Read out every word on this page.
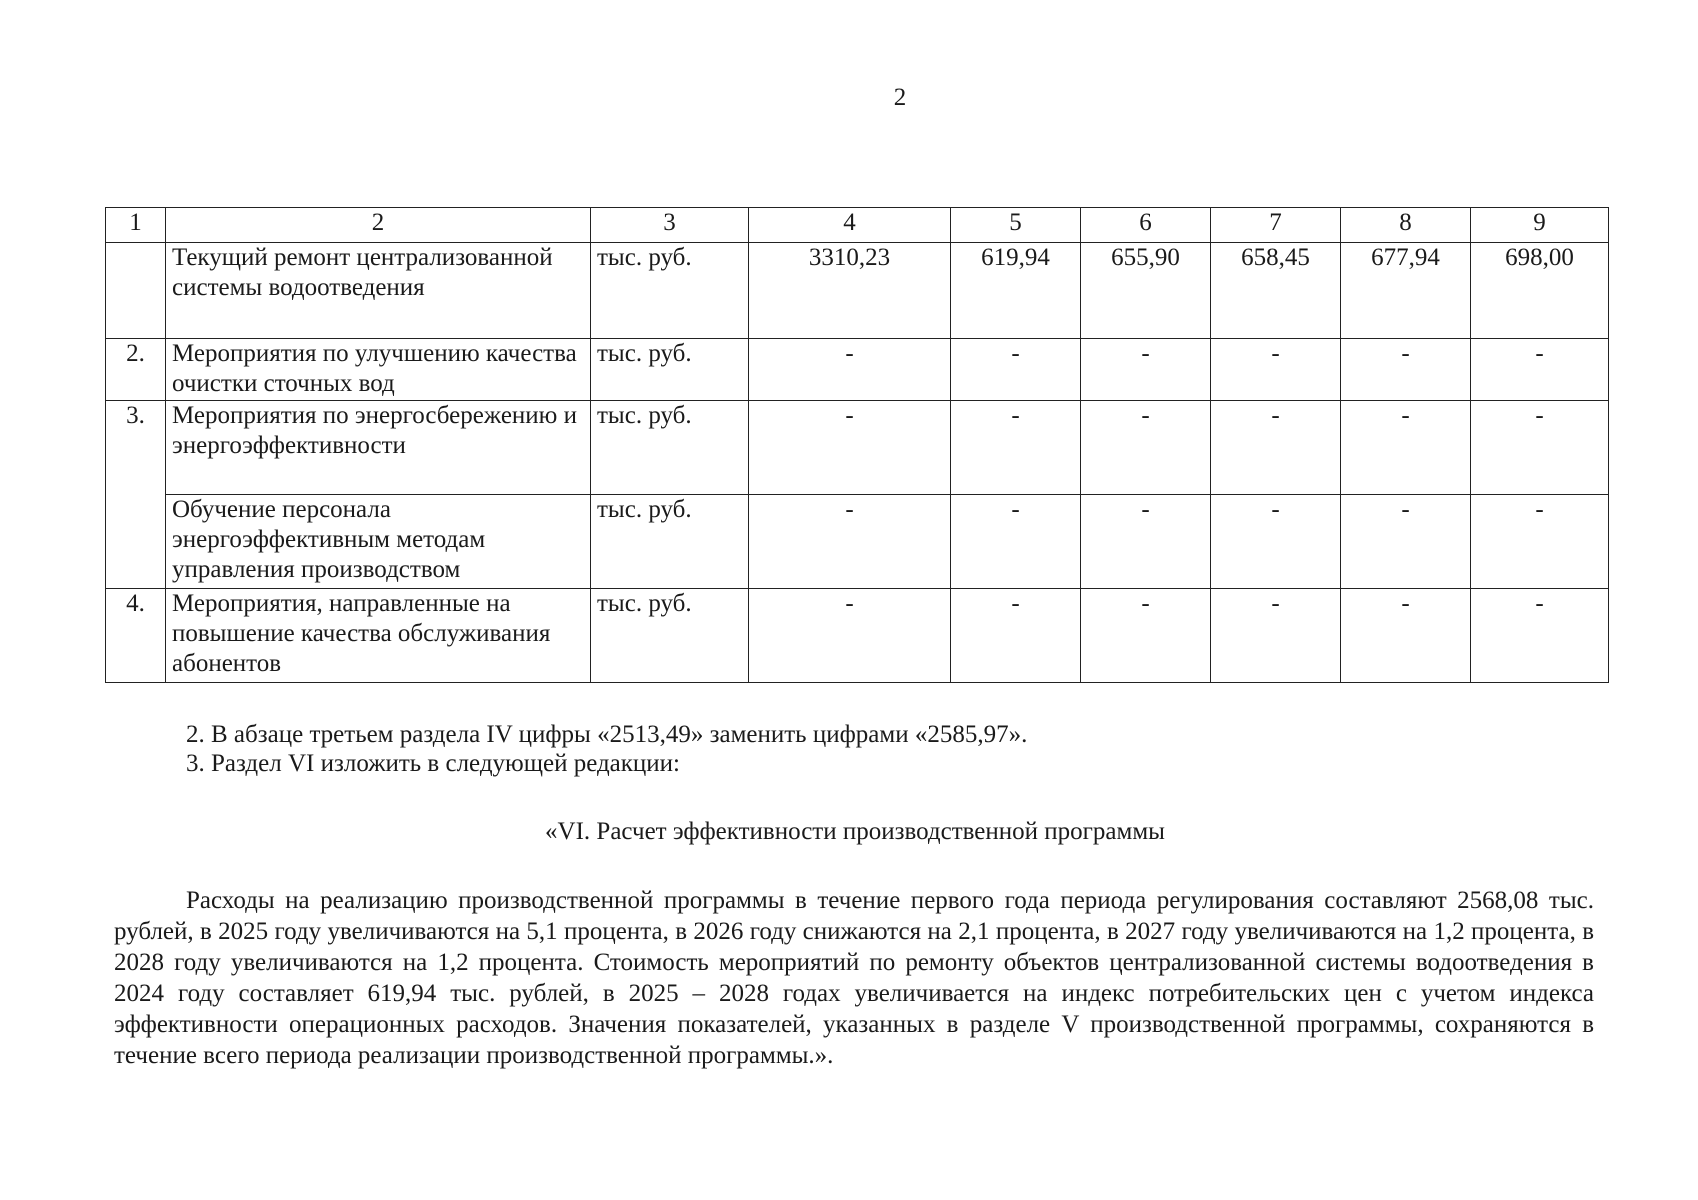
2
1	2	3	4	5	6	7	8	9
	Текущий ремонт централизованной системы водоотведения	тыс. руб.	3310,23	619,94	655,90	658,45	677,94	698,00
2.	Мероприятия по улучшению качества очистки сточных вод	тыс. руб.	-	-	-	-	-	-
3.	Мероприятия по энергосбережению и энергоэффективности	тыс. руб.	-	-	-	-	-	-
	Обучение персонала энергоэффективным методам управления производством	тыс. руб.	-	-	-	-	-	-
4.	Мероприятия, направленные на повышение качества обслуживания абонентов	тыс. руб.	-	-	-	-	-	-
2. В абзаце третьем раздела IV цифры «2513,49» заменить цифрами «2585,97».
3. Раздел VI изложить в следующей редакции:
«VI. Расчет эффективности производственной программы

Расходы на реализацию производственной программы в течение первого года периода регулирования составляют 2568,08 тыс. рублей, в 2025 году увеличиваются на 5,1 процента, в 2026 году снижаются на 2,1 процента, в 2027 году увеличиваются на 1,2 процента, в 2028 году увеличиваются на 1,2 процента. Стоимость мероприятий по ремонту объектов централизованной системы водоотведения в 2024 году составляет 619,94 тыс. рублей, в 2025 – 2028 годах увеличивается на индекс потребительских цен с учетом индекса эффективности операционных расходов. Значения показателей, указанных в разделе V производственной программы, сохраняются в течение всего периода реализации производственной программы.».
